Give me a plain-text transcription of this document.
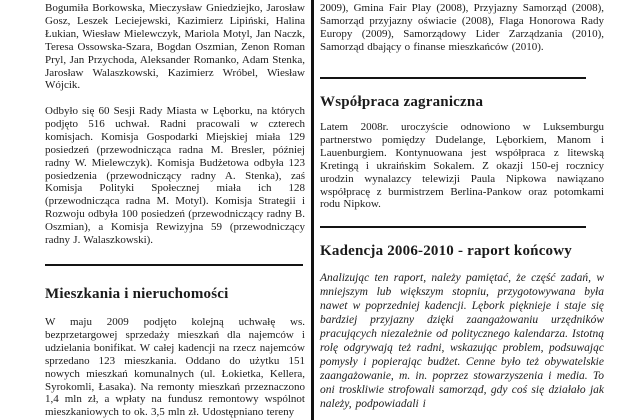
Bogumiła Borkowska, Mieczysław Gniedziejko, Jarosław Gosz, Leszek Leciejewski, Kazimierz Lipiński, Halina Łukian, Wiesław Mielewczyk, Mariola Motyl, Jan Naczk, Teresa Ossowska-Szara, Bogdan Oszmian, Zenon Roman Pryl, Jan Przychoda, Aleksander Romanko, Adam Stenka, Jarosław Walaszkowski, Kazimierz Wróbel, Wiesław Wójcik.

Odbyło się 60 Sesji Rady Miasta w Lęborku, na których podjęto 516 uchwał. Radni pracowali w czterech komisjach. Komisja Gospodarki Miejskiej miała 129 posiedzeń (przewodnicząca radna M. Bresler, później radny W. Mielewczyk). Komisja Budżetowa odbyła 123 posiedzenia (przewodniczący radny A. Stenka), zaś Komisja Polityki Społecznej miała ich 128 (przewodnicząca radna M. Motyl). Komisja Strategii i Rozwoju odbyła 100 posiedzeń (przewodniczący radny B. Oszmian), a Komisja Rewizyjna 59 (przewodniczący radny J. Walaszkowski).

Mieszkania i nieruchomości

W maju 2009 podjęto kolejną uchwałę ws. bezprzetargowej sprzedaży mieszkań dla najemców i udzielania bonifikat. W całej kadencji na rzecz najemców sprzedano 123 mieszkania. Oddano do użytku 151 nowych mieszkań komunalnych (ul. Łokietka, Kellera, Syrokomli, Łasaka). Na remonty mieszkań przeznaczono 1,4 mln zł, a wpłaty na fundusz remontowy wspólnot mieszkaniowych to ok. 3,5 mln zł. Udostępniano tereny

2009), Gmina Fair Play (2008), Przyjazny Samorząd (2008), Samorząd przyjazny oświacie (2008), Flaga Honorowa Rady Europy (2009), Samorządowy Lider Zarządzania (2010), Samorząd dbający o finanse mieszkańców (2010).

Współpraca zagraniczna

Latem 2008r. uroczyście odnowiono w Luksemburgu partnerstwo pomiędzy Dudelange, Lęborkiem, Manom i Lauenburgiem. Kontynuowana jest współpraca z litewską Kretingą i ukraińskim Sokalem. Z okazji 150-ej rocznicy urodzin wynalazcy telewizji Paula Nipkowa nawiązano współpracę z burmistrzem Berlina-Pankow oraz potomkami rodu Nipkow.

Kadencja 2006-2010 - raport końcowy

Analizując ten raport, należy pamiętać, że część zadań, w mniejszym lub większym stopniu, przygotowywana była nawet w poprzedniej kadencji. Lębork pięknieje i staje się bardziej przyjazny dzięki zaangażowaniu urzędników pracujących niezależnie od politycznego kalendarza. Istotną rolę odgrywają też radni, wskazując problem, podsuwając pomysły i popierając budżet. Cenne było też obywatelskie zaangażowanie, m. in. poprzez stowarzyszenia i media. To oni troskliwie strofowali samorząd, gdy coś się działało jak należy, podpowiadali i
